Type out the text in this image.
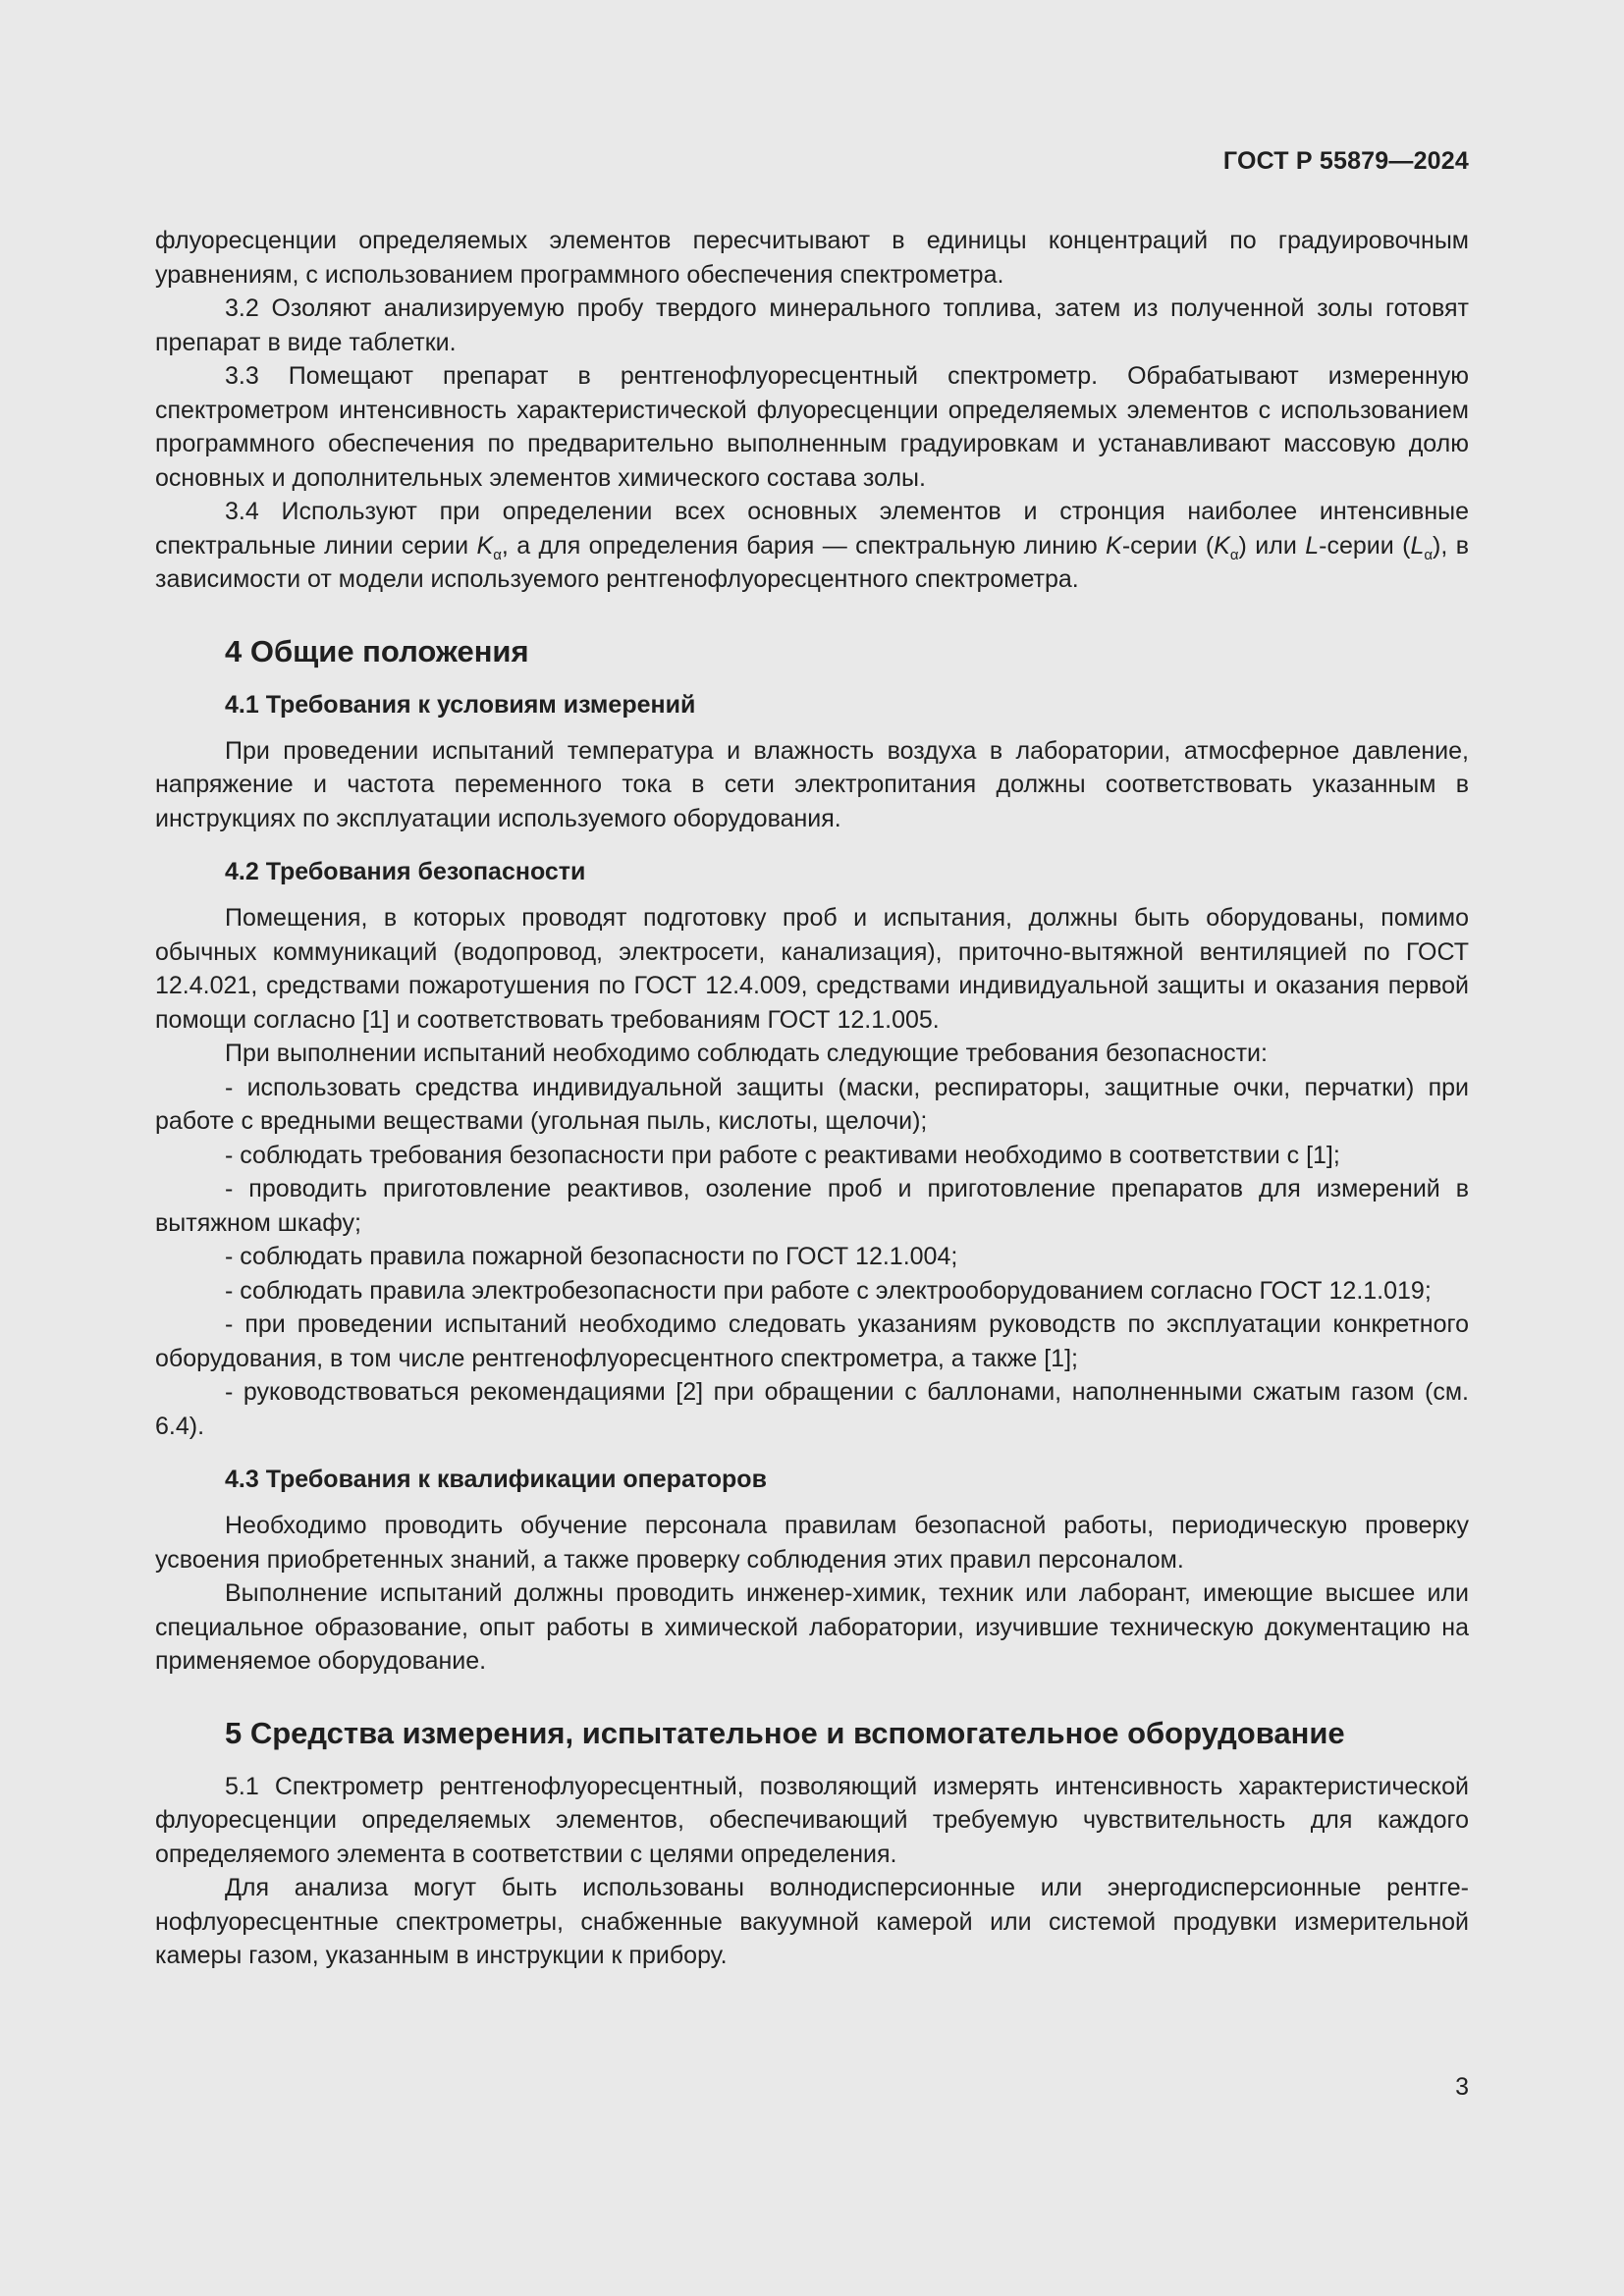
ГОСТ Р 55879—2024

флуоресценции определяемых элементов пересчитывают в единицы концентраций по градуировочным уравнениям, с использованием программного обеспечения спектрометра.

3.2 Озоляют анализируемую пробу твердого минерального топлива, затем из полученной золы готовят препарат в виде таблетки.

3.3 Помещают препарат в рентгенофлуоресцентный спектрометр. Обрабатывают измеренную спектрометром интенсивность характеристической флуоресценции определяемых элементов с использованием программного обеспечения по предварительно выполненным градуировкам и устанавливают массовую долю основных и дополнительных элементов химического состава золы.

3.4 Используют при определении всех основных элементов и стронция наиболее интенсивные спектральные линии серии $K_\alpha$, а для определения бария — спектральную линию K-серии $(K_\alpha)$ или L-серии $(L_\alpha)$, в зависимости от модели используемого рентгенофлуоресцентного спектрометра.

4 Общие положения
4.1 Требования к условиям измерений

При проведении испытаний температура и влажность воздуха в лаборатории, атмосферное давление, напряжение и частота переменного тока в сети электропитания должны соответствовать указанным в инструкциях по эксплуатации используемого оборудования.

4.2 Требования безопасности

Помещения, в которых проводят подготовку проб и испытания, должны быть оборудованы, помимо обычных коммуникаций (водопровод, электросети, канализация), приточно-вытяжной вентиляцией по ГОСТ 12.4.021, средствами пожаротушения по ГОСТ 12.4.009, средствами индивидуальной защиты и оказания первой помощи согласно [1] и соответствовать требованиям ГОСТ 12.1.005.

При выполнении испытаний необходимо соблюдать следующие требования безопасности:

- использовать средства индивидуальной защиты (маски, респираторы, защитные очки, перчатки) при работе с вредными веществами (угольная пыль, кислоты, щелочи);

- соблюдать требования безопасности при работе с реактивами необходимо в соответствии с [1];

- проводить приготовление реактивов, озоление проб и приготовление препаратов для измерений в вытяжном шкафу;

- соблюдать правила пожарной безопасности по ГОСТ 12.1.004;

- соблюдать правила электробезопасности при работе с электрооборудованием согласно ГОСТ 12.1.019;

- при проведении испытаний необходимо следовать указаниям руководств по эксплуатации конкретного оборудования, в том числе рентгенофлуоресцентного спектрометра, а также [1];

- руководствоваться рекомендациями [2] при обращении с баллонами, наполненными сжатым газом (см. 6.4).

4.3 Требования к квалификации операторов

Необходимо проводить обучение персонала правилам безопасной работы, периодическую проверку усвоения приобретенных знаний, а также проверку соблюдения этих правил персоналом.

Выполнение испытаний должны проводить инженер-химик, техник или лаборант, имеющие высшее или специальное образование, опыт работы в химической лаборатории, изучившие техническую документацию на применяемое оборудование.

5 Средства измерения, испытательное и вспомогательное оборудование

5.1 Спектрометр рентгенофлуоресцентный, позволяющий измерять интенсивность характеристической флуоресценции определяемых элементов, обеспечивающий требуемую чувствительность для каждого определяемого элемента в соответствии с целями определения.

Для анализа могут быть использованы волнодисперсионные или энергодисперсионные рентгенофлуоресцентные спектрометры, снабженные вакуумной камерой или системой продувки измерительной камеры газом, указанным в инструкции к прибору.

3
